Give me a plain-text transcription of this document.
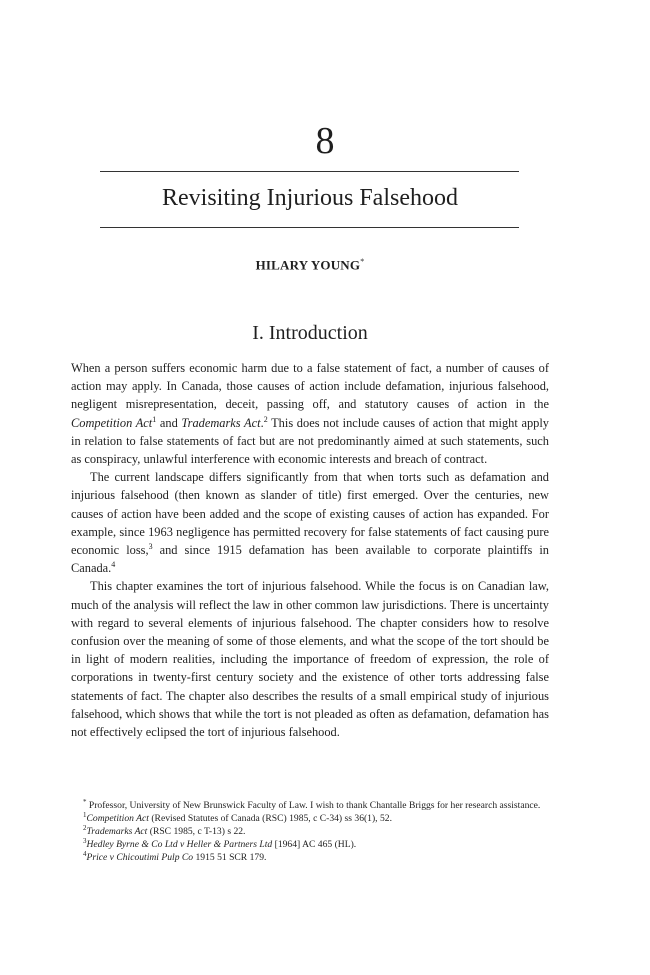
8
Revisiting Injurious Falsehood
HILARY YOUNG*
I. Introduction

When a person suffers economic harm due to a false statement of fact, a number of causes of action may apply. In Canada, those causes of action include defamation, injurious falsehood, negligent misrepresentation, deceit, passing off, and statutory causes of action in the Competition Act$^1$ and Trademarks Act.$^2$ This does not include causes of action that might apply in relation to false statements of fact but are not predominantly aimed at such statements, such as conspiracy, unlawful interference with economic interests and breach of contract.

The current landscape differs significantly from that when torts such as defamation and injurious falsehood (then known as slander of title) first emerged. Over the centuries, new causes of action have been added and the scope of existing causes of action has expanded. For example, since 1963 negligence has permitted recovery for false statements of fact causing pure economic loss,$^3$ and since 1915 defamation has been available to corporate plaintiffs in Canada.$^4$

This chapter examines the tort of injurious falsehood. While the focus is on Canadian law, much of the analysis will reflect the law in other common law jurisdictions. There is uncertainty with regard to several elements of injurious falsehood. The chapter considers how to resolve confusion over the meaning of some of those elements, and what the scope of the tort should be in light of modern realities, including the importance of freedom of expression, the role of corporations in twenty-first century society and the existence of other torts addressing false statements of fact. The chapter also describes the results of a small empirical study of injurious falsehood, which shows that while the tort is not pleaded as often as defamation, defamation has not effectively eclipsed the tort of injurious falsehood.

* Professor, University of New Brunswick Faculty of Law. I wish to thank Chantalle Briggs for her research assistance.

$^1$Competition Act (Revised Statutes of Canada (RSC) 1985, c C-34) ss 36(1), 52.

$^2$Trademarks Act (RSC 1985, c T-13) s 22.

$^3$Hedley Byrne & Co Ltd v Heller & Partners Ltd [1964] AC 465 (HL).

$^4$Price v Chicoutimi Pulp Co 1915 51 SCR 179.
